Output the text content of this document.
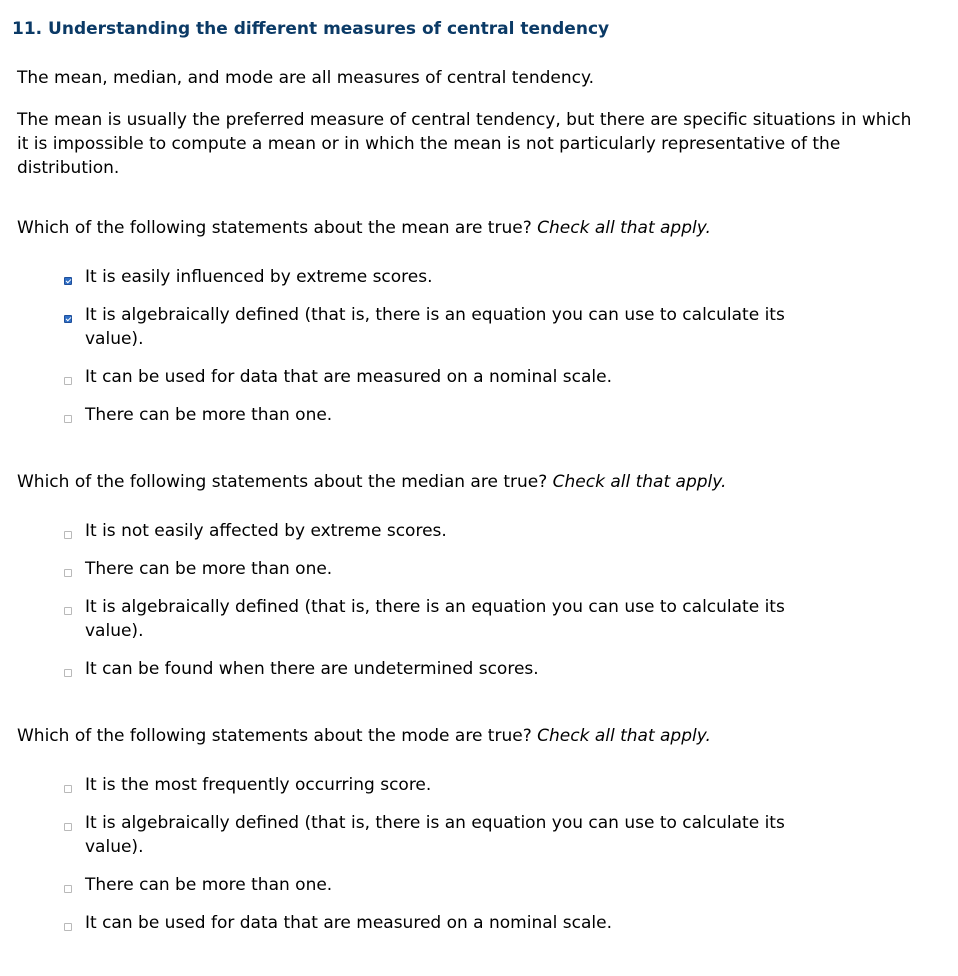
11. Understanding the different measures of central tendency

The mean, median, and mode are all measures of central tendency.

The mean is usually the preferred measure of central tendency, but there are specific situations in which it is impossible to compute a mean or in which the mean is not particularly representative of the distribution.

Which of the following statements about the mean are true? Check all that apply.
It is easily influenced by extreme scores.
It is algebraically defined (that is, there is an equation you can use to calculate its value).
It can be used for data that are measured on a nominal scale.
There can be more than one.
Which of the following statements about the median are true? Check all that apply.
It is not easily affected by extreme scores.
There can be more than one.
It is algebraically defined (that is, there is an equation you can use to calculate its value).
It can be found when there are undetermined scores.
Which of the following statements about the mode are true? Check all that apply.
It is the most frequently occurring score.
It is algebraically defined (that is, there is an equation you can use to calculate its value).
There can be more than one.
It can be used for data that are measured on a nominal scale.
